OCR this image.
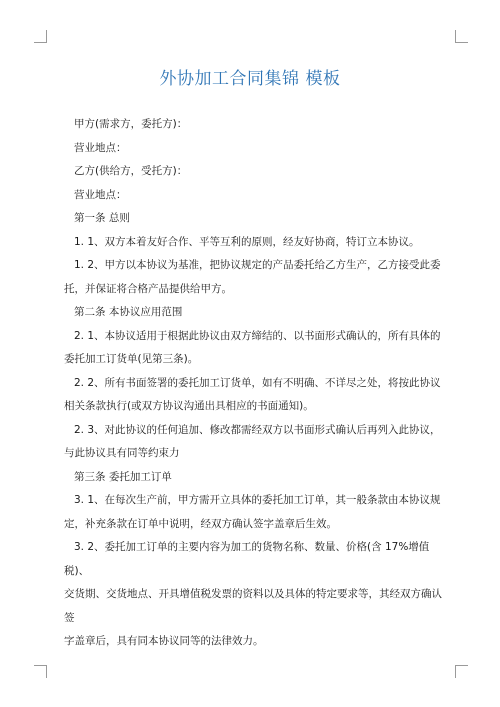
外协加工合同集锦 模板

甲方(需求方，委托方)：

营业地点：

乙方(供给方，受托方)：

营业地点：

第一条 总则

1. 1、双方本着友好合作、平等互利的原则，经友好协商，特订立本协议。

1. 2、甲方以本协议为基准，把协议规定的产品委托给乙方生产，乙方接受此委

托，并保证将合格产品提供给甲方。

第二条 本协议应用范围

2. 1、本协议适用于根据此协议由双方缔结的、以书面形式确认的，所有具体的

委托加工订货单(见第三条)。

2. 2、所有书面签署的委托加工订货单，如有不明确、不详尽之处，将按此协议

相关条款执行(或双方协议沟通出具相应的书面通知)。

2. 3、对此协议的任何追加、修改都需经双方以书面形式确认后再列入此协议，

与此协议具有同等约束力

第三条 委托加工订单

3. 1、在每次生产前，甲方需开立具体的委托加工订单，其一般条款由本协议规

定，补充条款在订单中说明，经双方确认签字盖章后生效。

3. 2、委托加工订单的主要内容为加工的货物名称、数量、价格(含 17%增值税)、

交货期、交货地点、开具增值税发票的资料以及具体的特定要求等，其经双方确认签

字盖章后，具有同本协议同等的法律效力。
